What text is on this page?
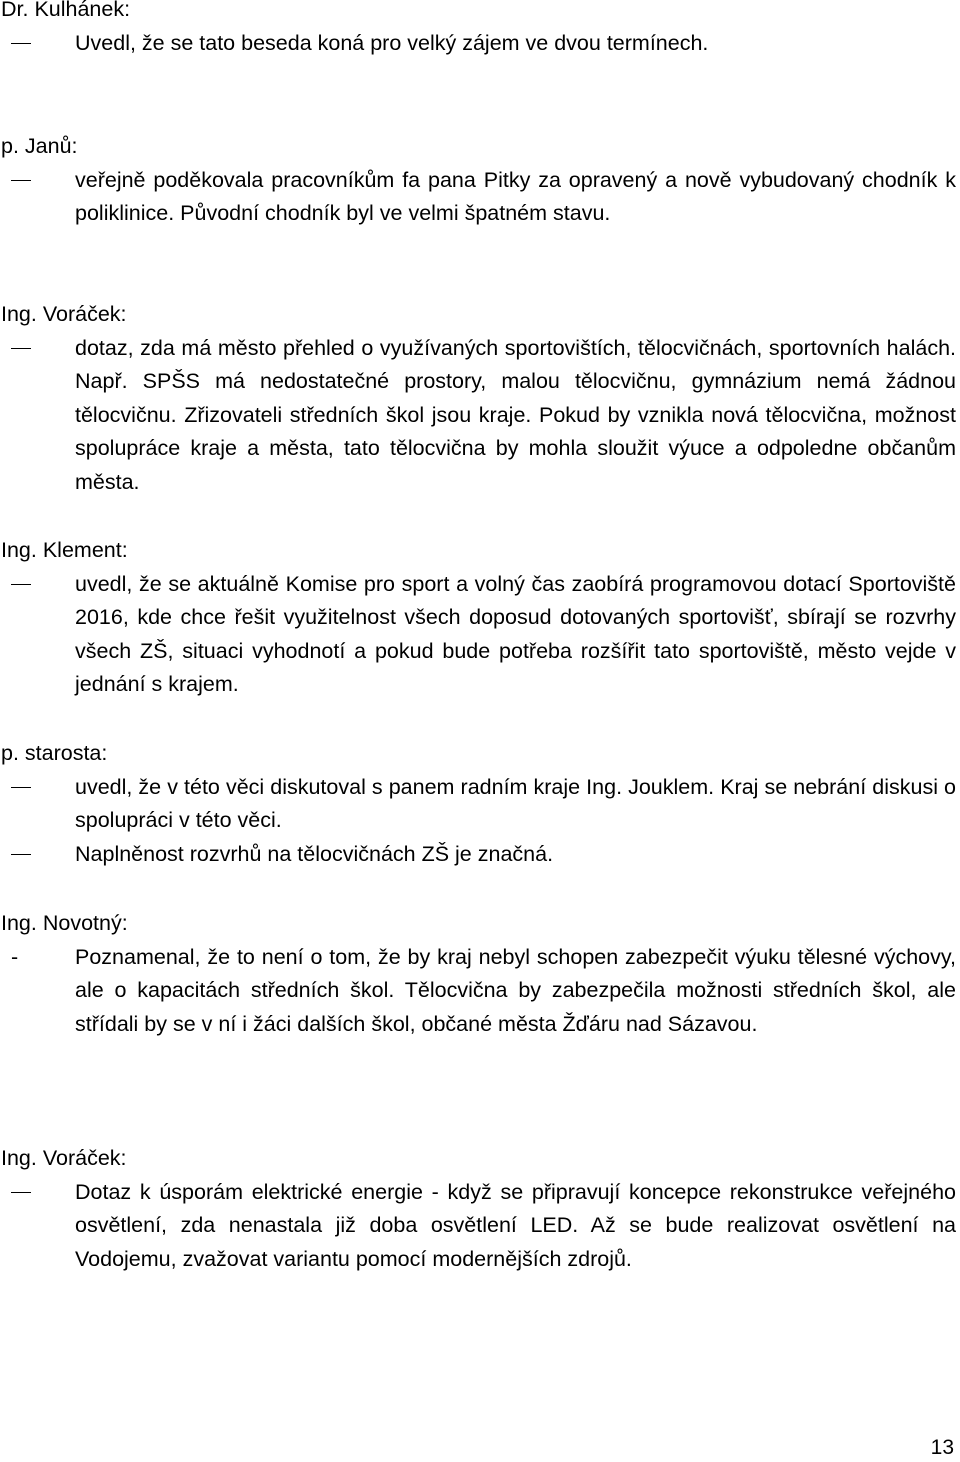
Dr. Kulhánek:
Uvedl, že se tato beseda koná pro velký zájem ve dvou termínech.
p. Janů:
veřejně poděkovala pracovníkům fa pana Pitky za opravený a nově vybudovaný chodník k poliklinice. Původní chodník byl ve velmi špatném stavu.
Ing. Voráček:
dotaz, zda má město přehled o využívaných sportovištích, tělocvičnách, sportovních halách. Např. SPŠS má nedostatečné prostory, malou tělocvičnu, gymnázium nemá žádnou tělocvičnu. Zřizovateli středních škol jsou kraje. Pokud by vznikla nová tělocvična, možnost spolupráce kraje a města, tato tělocvična by mohla sloužit výuce a odpoledne občanům města.
Ing. Klement:
uvedl, že se aktuálně Komise pro sport a volný čas zaobírá programovou dotací Sportoviště 2016, kde chce řešit využitelnost všech doposud dotovaných sportovišť, sbírají se rozvrhy všech ZŠ, situaci vyhodnotí a pokud bude potřeba rozšířit tato sportoviště, město vejde v jednání s krajem.
p. starosta:
uvedl, že v této věci diskutoval s panem radním kraje Ing. Jouklem. Kraj se nebrání diskusi o spolupráci v této věci.
Naplněnost rozvrhů na tělocvičnách ZŠ je značná.
Ing. Novotný:
-	Poznamenal, že to není o tom, že by kraj nebyl schopen zabezpečit výuku tělesné výchovy, ale o kapacitách středních škol. Tělocvična by zabezpečila možnosti středních škol, ale střídali by se v ní i žáci dalších škol, občané města Žďáru nad Sázavou.
Ing. Voráček:
Dotaz k úsporám elektrické energie - když se připravují koncepce rekonstrukce veřejného osvětlení, zda nenastala již doba osvětlení LED. Až se bude realizovat osvětlení na Vodojemu, zvažovat variantu pomocí modernějších zdrojů.
13
